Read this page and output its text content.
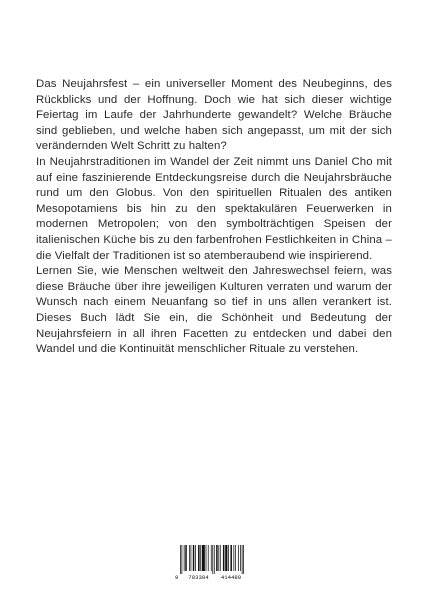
Das Neujahrsfest – ein universeller Moment des Neubeginns, des Rückblicks und der Hoffnung. Doch wie hat sich dieser wichtige Feiertag im Laufe der Jahrhunderte gewandelt? Welche Bräuche sind geblieben, und welche haben sich angepasst, um mit der sich verändernden Welt Schritt zu halten?

In Neujahrstraditionen im Wandel der Zeit nimmt uns Daniel Cho mit auf eine faszinierende Entdeckungsreise durch die Neujahrsbräuche rund um den Globus. Von den spirituellen Ritualen des antiken Mesopotamiens bis hin zu den spektakulären Feuerwerken in modernen Metropolen; von den symbolträchtigen Speisen der italienischen Küche bis zu den farbenfrohen Festlichkeiten in China – die Vielfalt der Traditionen ist so atemberaubend wie inspirierend.

Lernen Sie, wie Menschen weltweit den Jahreswechsel feiern, was diese Bräuche über ihre jeweiligen Kulturen verraten und warum der Wunsch nach einem Neuanfang so tief in uns allen verankert ist. Dieses Buch lädt Sie ein, die Schönheit und Bedeutung der Neujahrsfeiern in all ihren Facetten zu entdecken und dabei den Wandel und die Kontinuität menschlicher Rituale zu verstehen.

9	783384	414489
